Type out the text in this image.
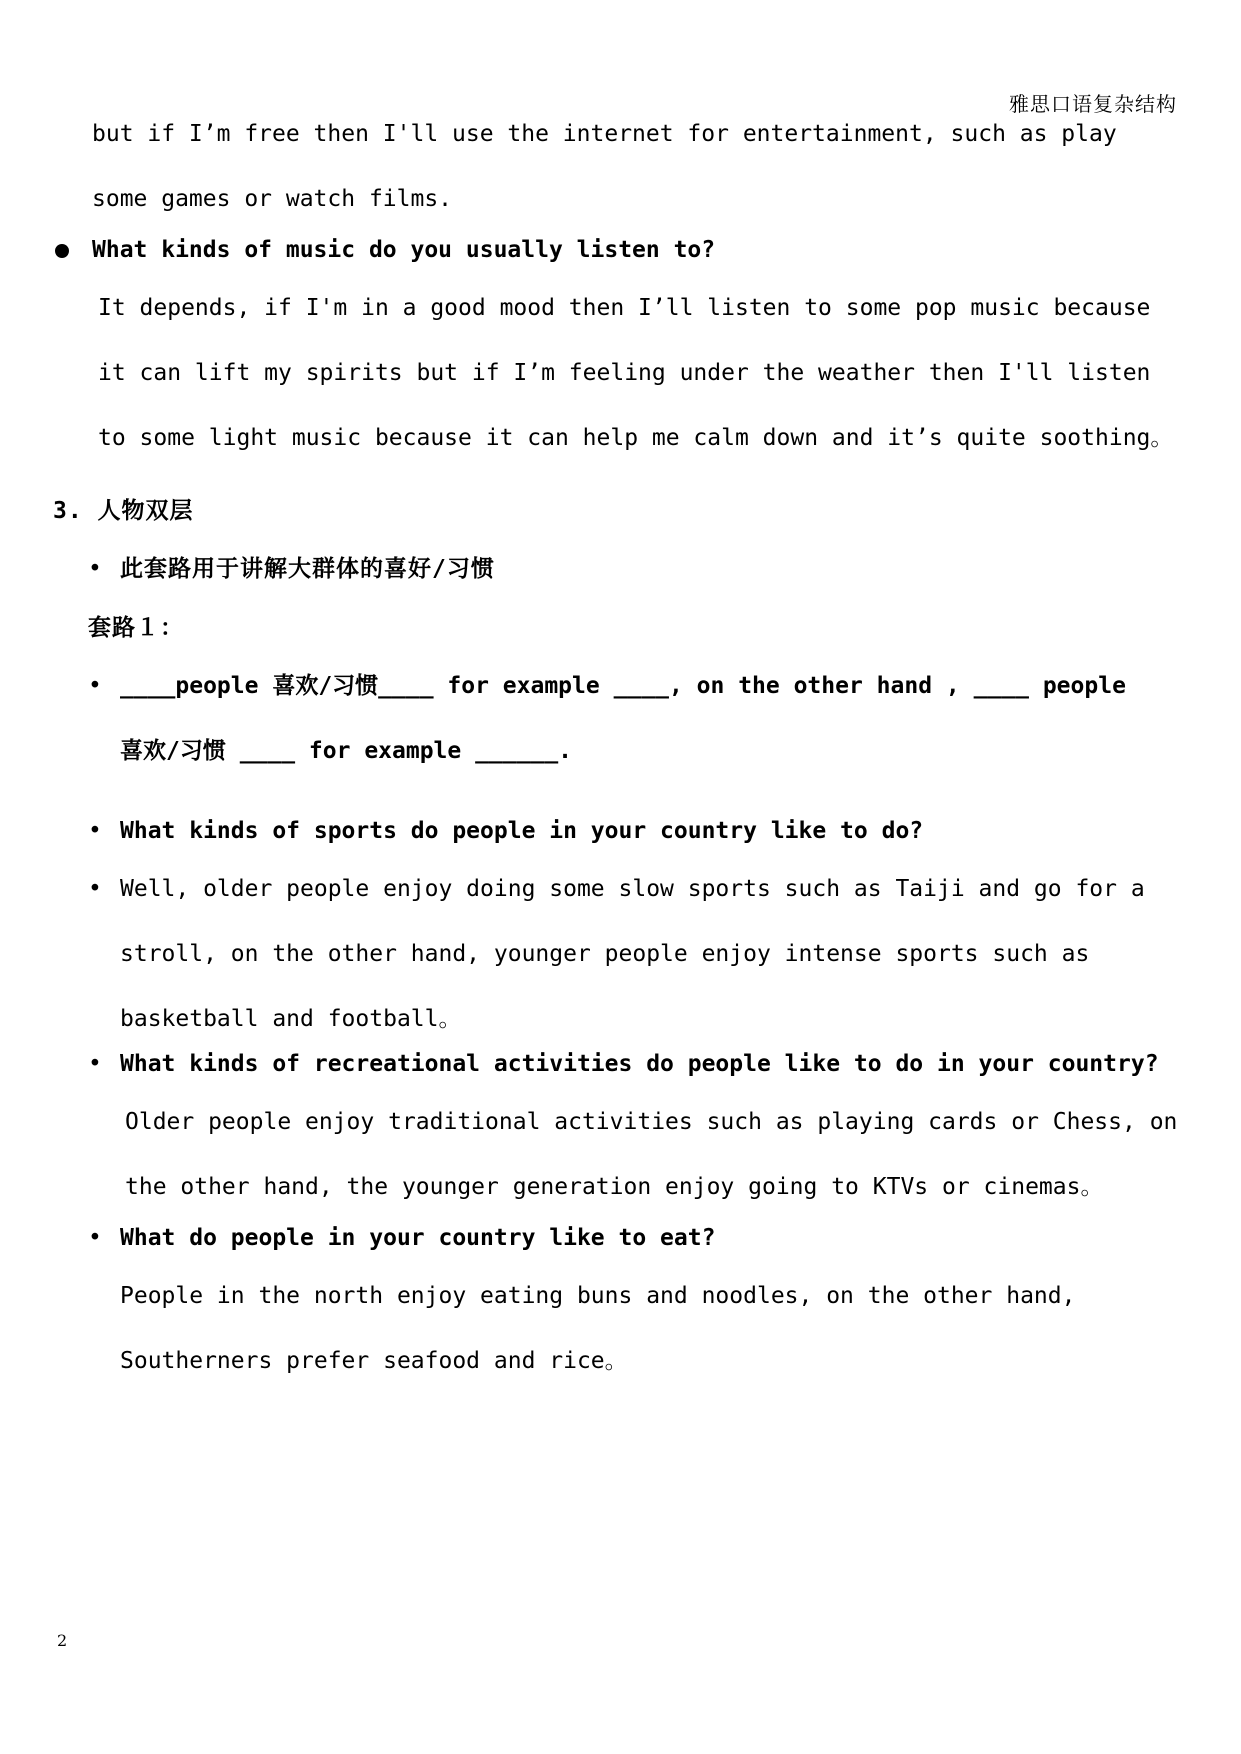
雅思口语复杂结构
but if I’m free then I'll use the internet for entertainment, such as play
some games or watch films.
What kinds of music do you usually listen to?
It depends, if I'm in a good mood then I’ll listen to some pop music because
it can lift my spirits but if I’m feeling under the weather then I'll listen
to some light music because it can help me calm down and it’s quite soothing。
3. 人物双层
• 此套路用于讲解大群体的喜好/习惯
套路１：
• ____people 喜欢/习惯____ for example ____, on the other hand , ____ people
喜欢/习惯 ____ for example ______.
• What kinds of sports do people in your country like to do?
• Well, older people enjoy doing some slow sports such as Taiji and go for a
stroll, on the other hand, younger people enjoy intense sports such as
basketball and football。
• What kinds of recreational activities do people like to do in your country?
Older people enjoy traditional activities such as playing cards or Chess, on
the other hand, the younger generation enjoy going to KTVs or cinemas。
• What do people in your country like to eat?
People in the north enjoy eating buns and noodles, on the other hand,
Southerners prefer seafood and rice。
2
